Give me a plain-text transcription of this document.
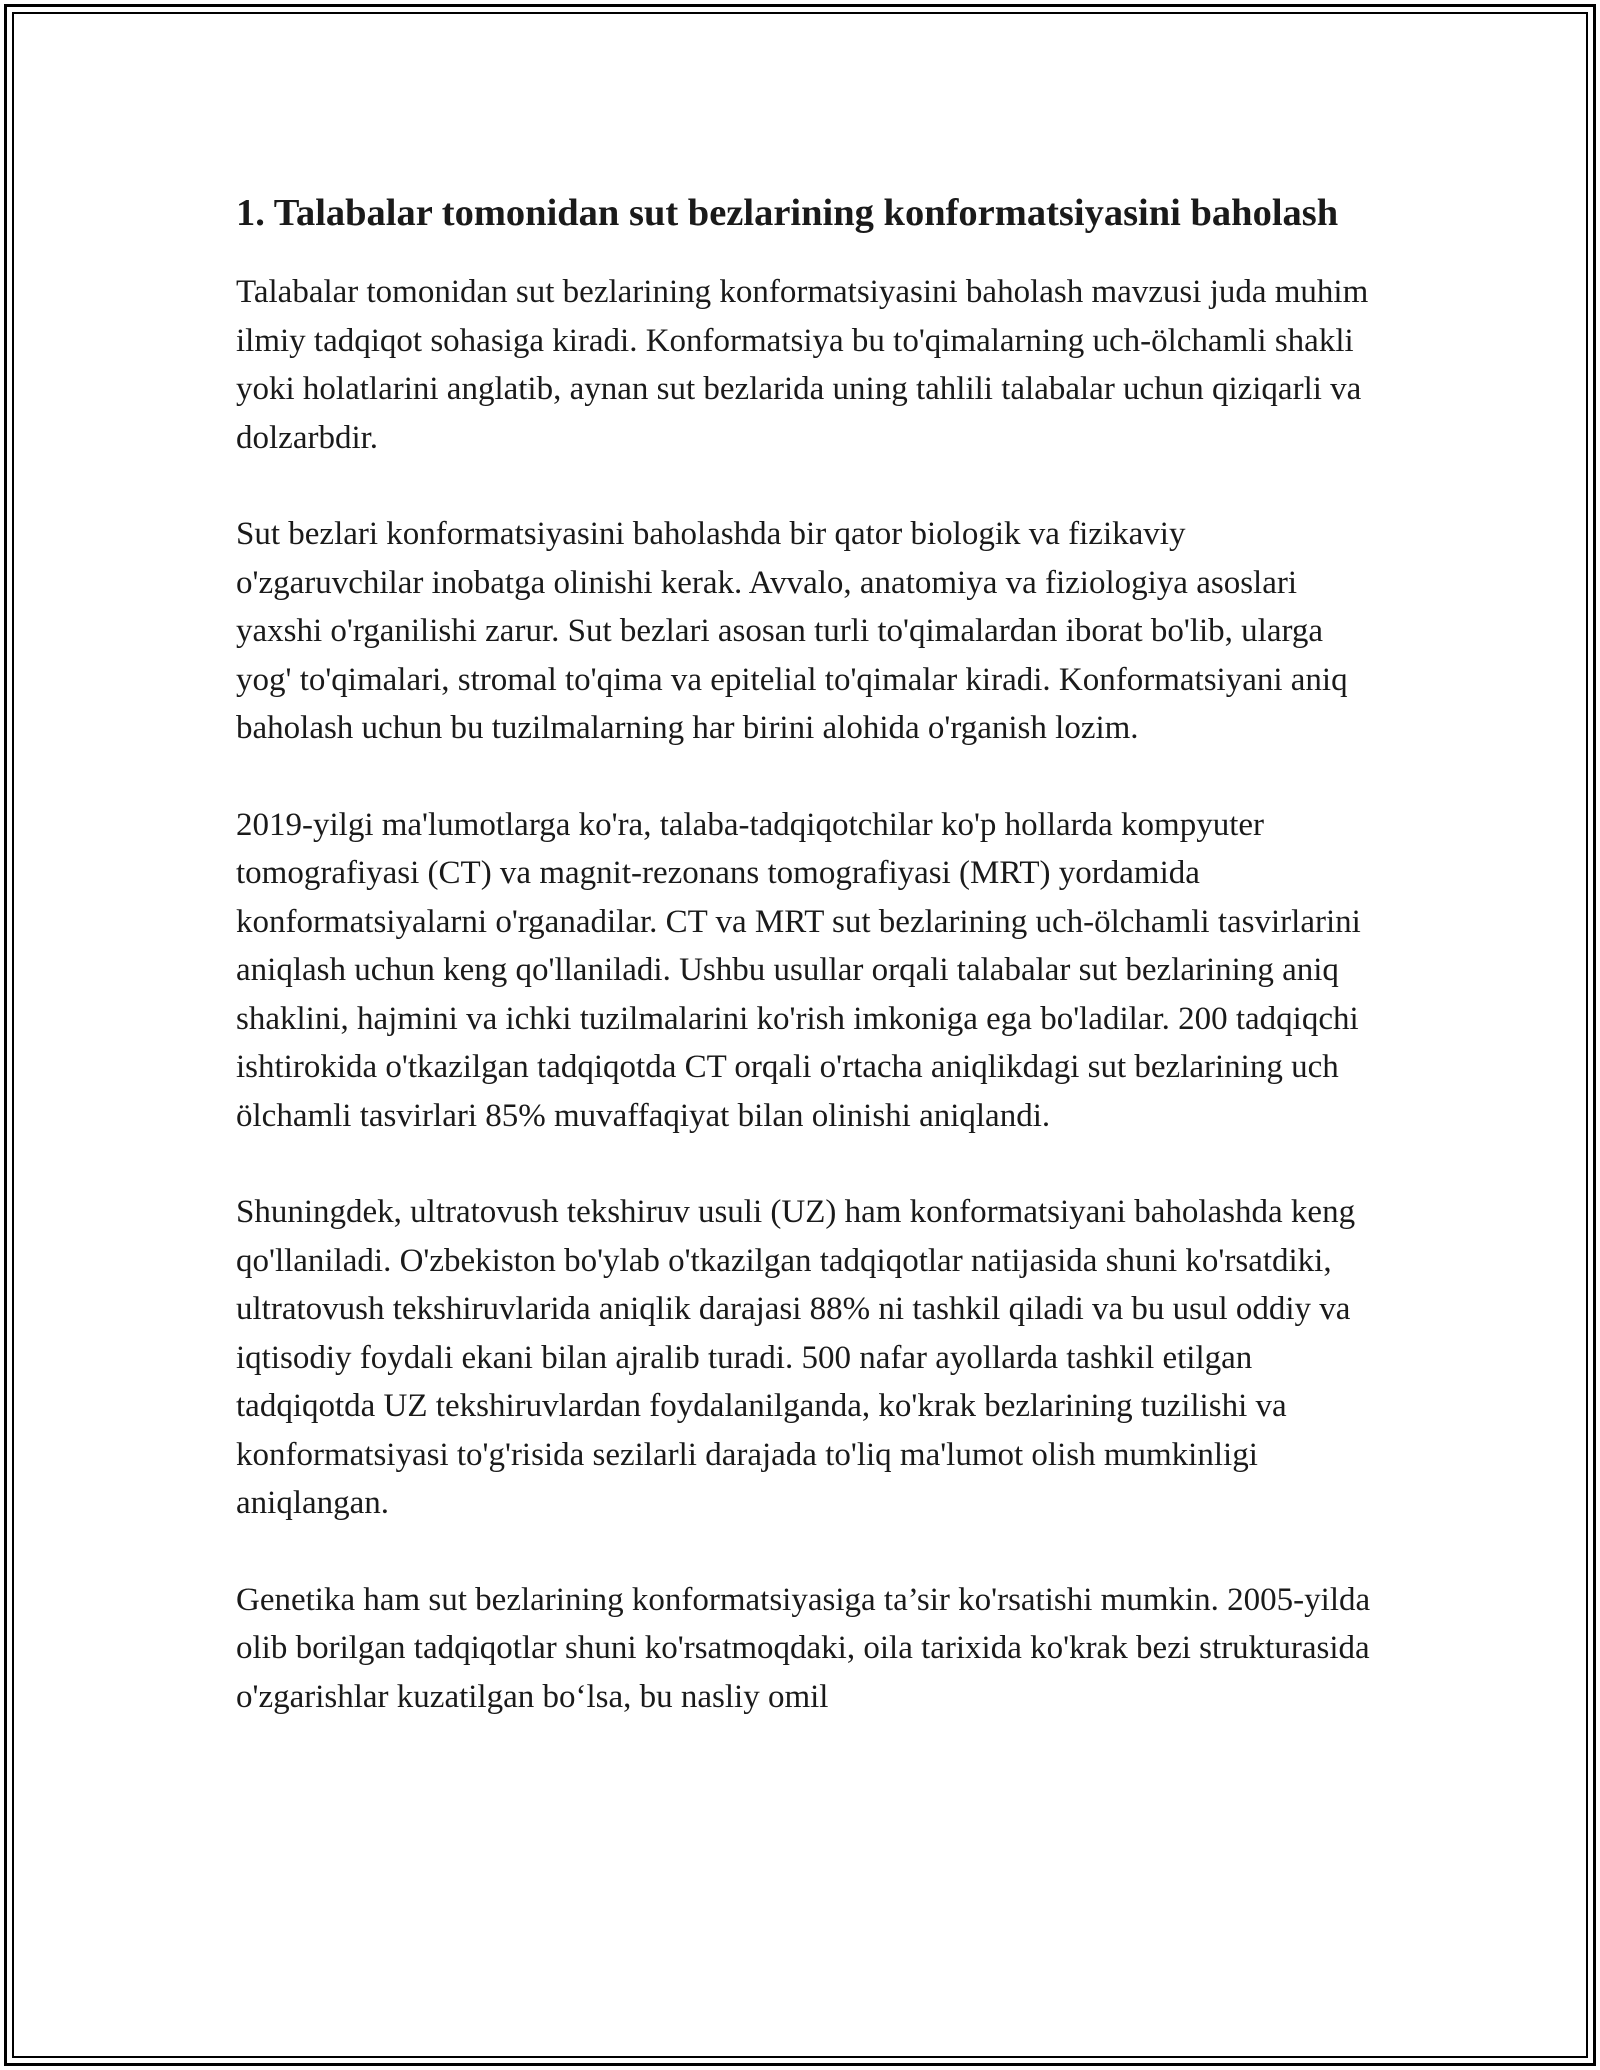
1. Talabalar tomonidan sut bezlarining konformatsiyasini baholash

Talabalar tomonidan sut bezlarining konformatsiyasini baholash mavzusi juda muhim ilmiy tadqiqot sohasiga kiradi. Konformatsiya bu to'qimalarning uch-ölchamli shakli yoki holatlarini anglatib, aynan sut bezlarida uning tahlili talabalar uchun qiziqarli va dolzarbdir.

Sut bezlari konformatsiyasini baholashda bir qator biologik va fizikaviy o'zgaruvchilar inobatga olinishi kerak. Avvalo, anatomiya va fiziologiya asoslari yaxshi o'rganilishi zarur. Sut bezlari asosan turli to'qimalardan iborat bo'lib, ularga yog' to'qimalari, stromal to'qima va epitelial to'qimalar kiradi. Konformatsiyani aniq baholash uchun bu tuzilmalarning har birini alohida o'rganish lozim.

2019-yilgi ma'lumotlarga ko'ra, talaba-tadqiqotchilar ko'p hollarda kompyuter tomografiyasi (CT) va magnit-rezonans tomografiyasi (MRT) yordamida konformatsiyalarni o'rganadilar. CT va MRT sut bezlarining uch-ölchamli tasvirlarini aniqlash uchun keng qo'llaniladi. Ushbu usullar orqali talabalar sut bezlarining aniq shaklini, hajmini va ichki tuzilmalarini ko'rish imkoniga ega bo'ladilar. 200 tadqiqchi ishtirokida o'tkazilgan tadqiqotda CT orqali o'rtacha aniqlikdagi sut bezlarining uch ölchamli tasvirlari 85% muvaffaqiyat bilan olinishi aniqlandi.

Shuningdek, ultratovush tekshiruv usuli (UZ) ham konformatsiyani baholashda keng qo'llaniladi. O'zbekiston bo'ylab o'tkazilgan tadqiqotlar natijasida shuni ko'rsatdiki, ultratovush tekshiruvlarida aniqlik darajasi 88% ni tashkil qiladi va bu usul oddiy va iqtisodiy foydali ekani bilan ajralib turadi. 500 nafar ayollarda tashkil etilgan tadqiqotda UZ tekshiruvlardan foydalanilganda, ko'krak bezlarining tuzilishi va konformatsiyasi to'g'risida sezilarli darajada to'liq ma'lumot olish mumkinligi aniqlangan.

Genetika ham sut bezlarining konformatsiyasiga ta’sir ko'rsatishi mumkin. 2005-yilda olib borilgan tadqiqotlar shuni ko'rsatmoqdaki, oila tarixida ko'krak bezi strukturasida o'zgarishlar kuzatilgan bo‘lsa, bu nasliy omil
